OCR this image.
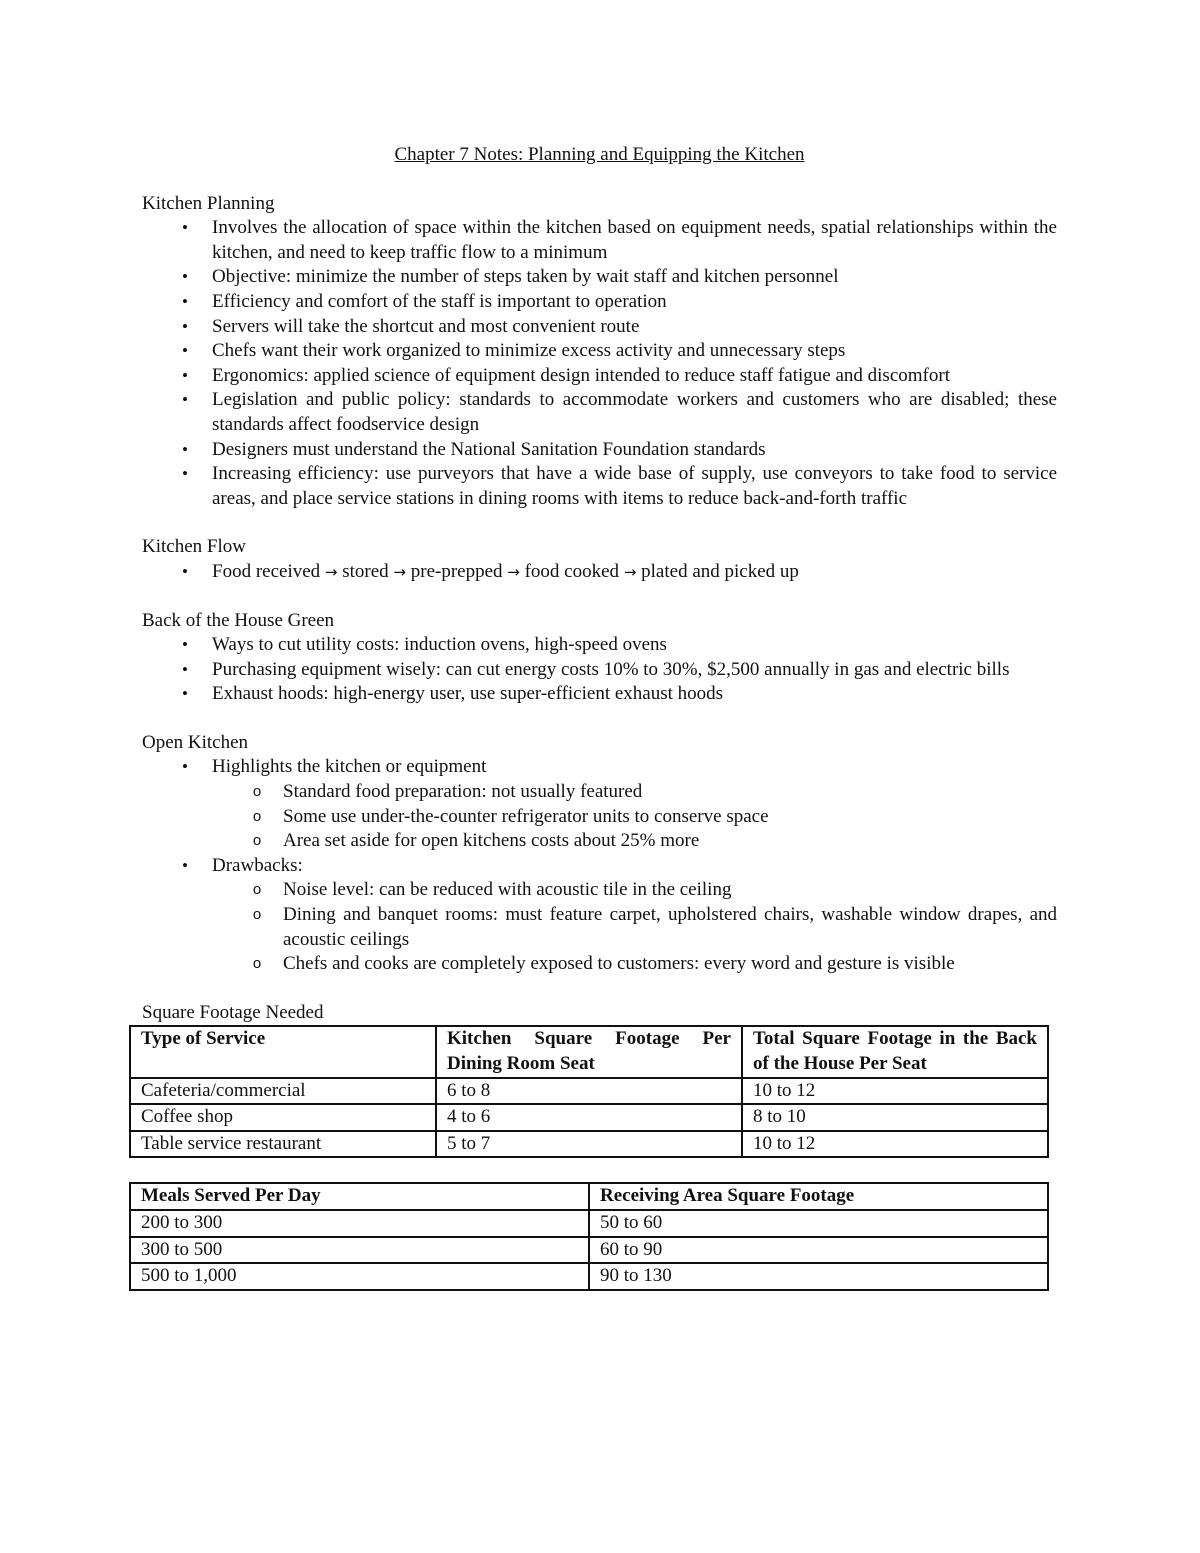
Chapter 7 Notes: Planning and Equipping the Kitchen

Kitchen Planning

•	Involves the allocation of space within the kitchen based on equipment needs, spatial relationships within the kitchen, and need to keep traffic flow to a minimum
•	Objective: minimize the number of steps taken by wait staff and kitchen personnel
•	Efficiency and comfort of the staff is important to operation
•	Servers will take the shortcut and most convenient route
•	Chefs want their work organized to minimize excess activity and unnecessary steps
•	Ergonomics: applied science of equipment design intended to reduce staff fatigue and discomfort
•	Legislation and public policy: standards to accommodate workers and customers who are disabled; these standards affect foodservice design
•	Designers must understand the National Sanitation Foundation standards
•	Increasing efficiency: use purveyors that have a wide base of supply, use conveyors to take food to service areas, and place service stations in dining rooms with items to reduce back-and-forth traffic

Kitchen Flow

•	Food received → stored → pre-prepped → food cooked → plated and picked up

Back of the House Green

•	Ways to cut utility costs: induction ovens, high-speed ovens
•	Purchasing equipment wisely: can cut energy costs 10% to 30%, $2,500 annually in gas and electric bills
•	Exhaust hoods: high-energy user, use super-efficient exhaust hoods

Open Kitchen

•	Highlights the kitchen or equipment
o Standard food preparation: not usually featured
o Some use under-the-counter refrigerator units to conserve space
o Area set aside for open kitchens costs about 25% more
•	Drawbacks:
o Noise level: can be reduced with acoustic tile in the ceiling
o Dining and banquet rooms: must feature carpet, upholstered chairs, washable window drapes, and acoustic ceilings
o Chefs and cooks are completely exposed to customers: every word and gesture is visible

Square Footage Needed

Type of Service	Kitchen Square Footage Per Dining Room Seat	Total Square Footage in the Back of the House Per Seat
Cafeteria/commercial	6 to 8	10 to 12
Coffee shop	4 to 6	8 to 10
Table service restaurant	5 to 7	10 to 12
Meals Served Per Day	Receiving Area Square Footage
200 to 300	50 to 60
300 to 500	60 to 90
500 to 1,000	90 to 130
